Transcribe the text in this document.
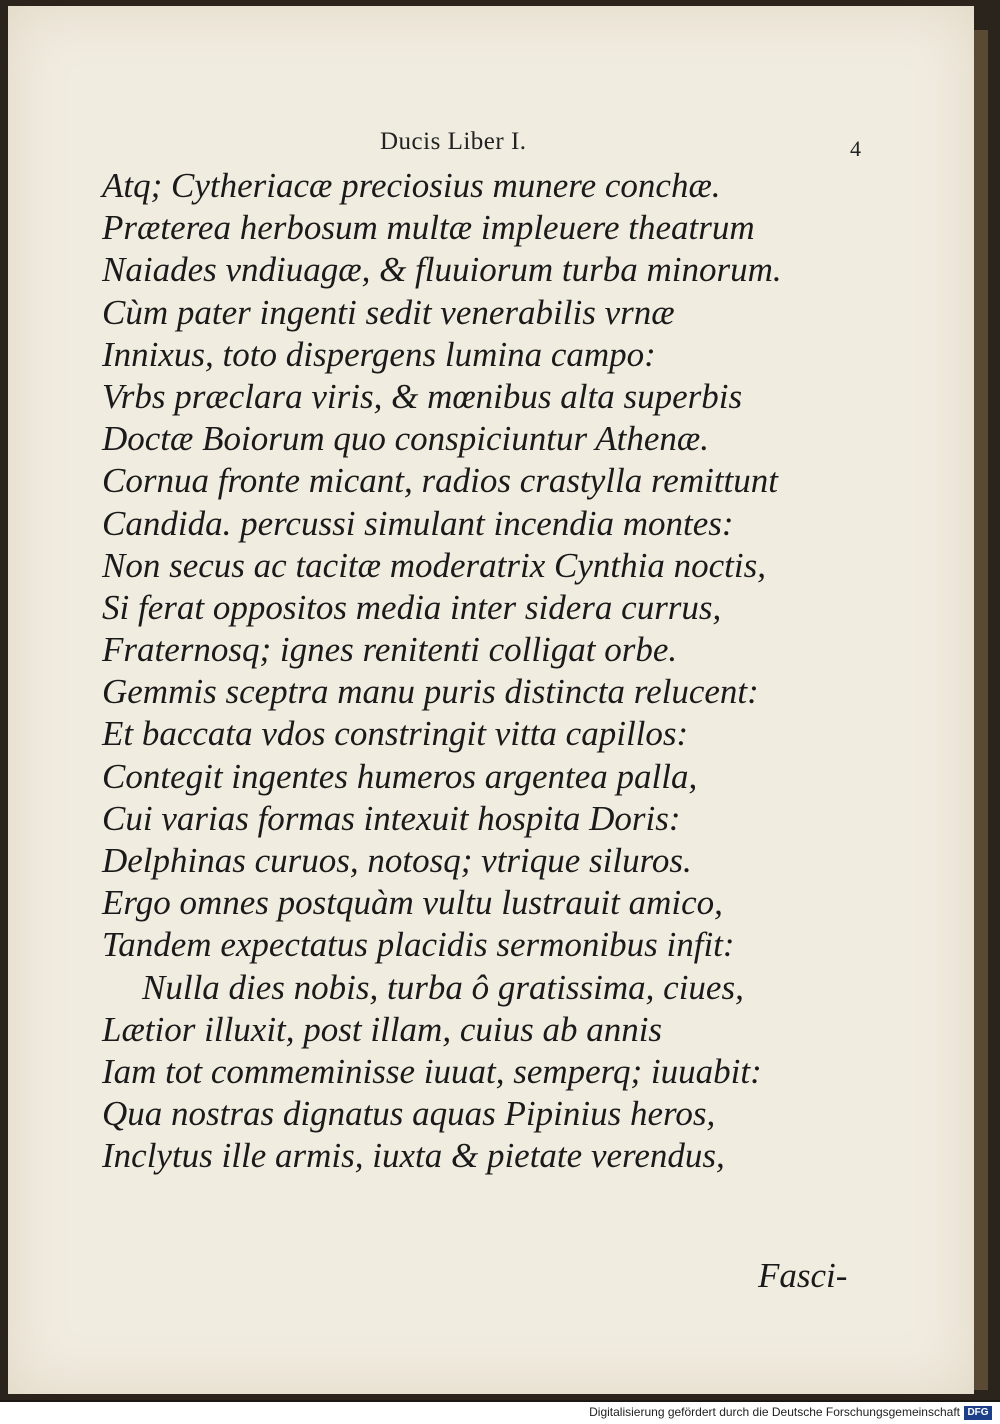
Ducis Liber I.	4
Atq; Cytheriacæ preciosius munere conchæ.
Præterea herbosum multæ impleuere theatrum
Naiades vndiuagæ, & fluuiorum turba minorum.
Cùm pater ingenti sedit venerabilis vrnæ
Innixus, toto dispergens lumina campo:
Vrbs præclara viris, & mœnibus alta superbis
Doctæ Boiorum quo conspiciuntur Athenæ.
Cornua fronte micant, radios crastylla remittunt
Candida. percussi simulant incendia montes:
Non secus ac tacitæ moderatrix Cynthia noctis,
Si ferat oppositos media inter sidera currus,
Fraternosq; ignes renitenti colligat orbe.
Gemmis sceptra manu puris distincta relucent:
Et baccata vdos constringit vitta capillos:
Contegit ingentes humeros argentea palla,
Cui varias formas intexuit hospita Doris:
Delphinas curuos, notosq; vtrique siluros.
Ergo omnes postquàm vultu lustrauit amico,
Tandem expectatus placidis sermonibus infit:
Nulla dies nobis, turba ô gratissima, ciues,
Lætior illuxit, post illam, cuius ab annis
Iam tot commeminisse iuuat, semperq; iuuabit:
Qua nostras dignatus aquas Pipinius heros,
Inclytus ille armis, iuxta & pietate verendus,
Fasci-
Digitalisierung gefördert durch die Deutsche Forschungsgemeinschaft DFG
